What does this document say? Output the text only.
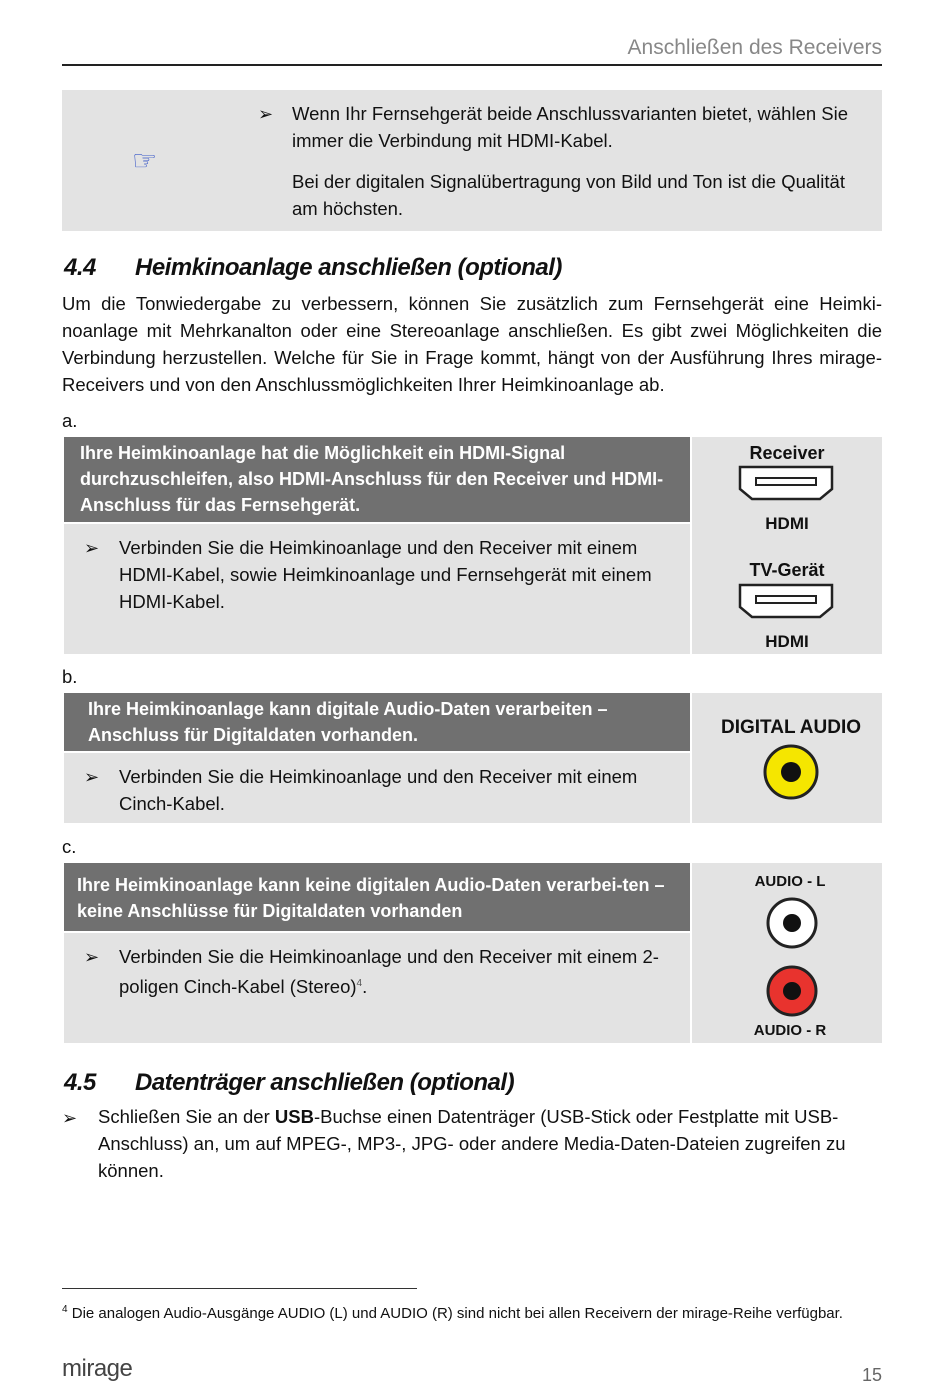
Anschließen des Receivers
☞
➢ Wenn Ihr Fernsehgerät beide Anschlussvarianten bietet, wählen Sie immer die Verbindung mit HDMI-Kabel.
Bei der digitalen Signalübertragung von Bild und Ton ist die Qualität am höchsten.
4.4 Heimkinoanlage anschließen (optional)
Um die Tonwiedergabe zu verbessern, können Sie zusätzlich zum Fernsehgerät eine Heimki-noanlage mit Mehrkanalton oder eine Stereoanlage anschließen. Es gibt zwei Möglichkeiten die Verbindung herzustellen. Welche für Sie in Frage kommt, hängt von der Ausführung Ihres mirage-Receivers und von den Anschlussmöglichkeiten Ihrer Heimkinoanlage ab.
a.
Ihre Heimkinoanlage hat die Möglichkeit ein HDMI-Signal durchzuschleifen, also HDMI-Anschluss für den Receiver und HDMI-Anschluss für das Fernsehgerät.
➢ Verbinden Sie die Heimkinoanlage und den Receiver mit einem HDMI-Kabel, sowie Heimkinoanlage und Fernsehgerät mit einem HDMI-Kabel.
Receiver
HDMI
TV-Gerät
HDMI
b.
Ihre Heimkinoanlage kann digitale Audio-Daten verarbeiten – Anschluss für Digitaldaten vorhanden.
➢ Verbinden Sie die Heimkinoanlage und den Receiver mit einem Cinch-Kabel.
DIGITAL AUDIO
c.
Ihre Heimkinoanlage kann keine digitalen Audio-Daten verarbei-ten – keine Anschlüsse für Digitaldaten vorhanden
➢ Verbinden Sie die Heimkinoanlage und den Receiver mit einem 2-poligen Cinch-Kabel (Stereo)$^4$.
AUDIO - L
AUDIO - R
4.5 Datenträger anschließen (optional)
➢ Schließen Sie an der USB-Buchse einen Datenträger (USB-Stick oder Festplatte mit USB-Anschluss) an, um auf MPEG-, MP3-, JPG- oder andere Media-Daten-Dateien zugreifen zu können.
$^4$ Die analogen Audio-Ausgänge AUDIO (L) und AUDIO (R) sind nicht bei allen Receivern der mirage-Reihe verfügbar.
mirage	15
